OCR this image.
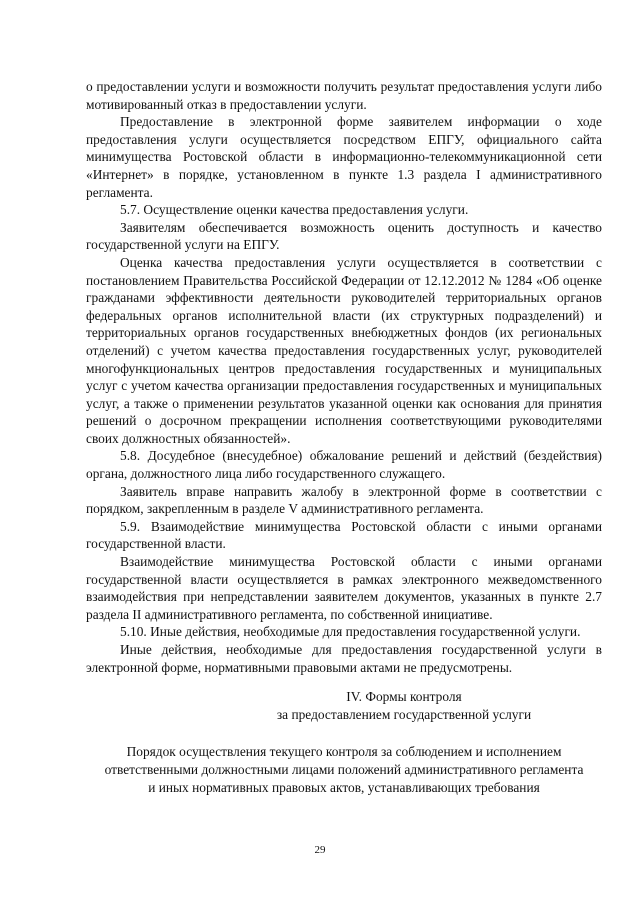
о предоставлении услуги и возможности получить результат предоставления услуги либо мотивированный отказ в предоставлении услуги.

Предоставление в электронной форме заявителем информации о ходе предоставления услуги осуществляется посредством ЕПГУ, официального сайта минимущества Ростовской области в информационно-телекоммуникационной сети «Интернет» в порядке, установленном в пункте 1.3 раздела I административного регламента.

5.7. Осуществление оценки качества предоставления услуги.

Заявителям обеспечивается возможность оценить доступность и качество государственной услуги на ЕПГУ.

Оценка качества предоставления услуги осуществляется в соответствии с постановлением Правительства Российской Федерации от 12.12.2012 № 1284 «Об оценке гражданами эффективности деятельности руководителей территориальных органов федеральных органов исполнительной власти (их структурных подразделений) и территориальных органов государственных внебюджетных фондов (их региональных отделений) с учетом качества предоставления государственных услуг, руководителей многофункциональных центров предоставления государственных и муниципальных услуг с учетом качества организации предоставления государственных и муниципальных услуг, а также о применении результатов указанной оценки как основания для принятия решений о досрочном прекращении исполнения соответствующими руководителями своих должностных обязанностей».

5.8. Досудебное (внесудебное) обжалование решений и действий (бездействия) органа, должностного лица либо государственного служащего.

Заявитель вправе направить жалобу в электронной форме в соответствии с порядком, закрепленным в разделе V административного регламента.

5.9. Взаимодействие минимущества Ростовской области с иными органами государственной власти.

Взаимодействие минимущества Ростовской области с иными органами государственной власти осуществляется в рамках электронного межведомственного взаимодействия при непредставлении заявителем документов, указанных в пункте 2.7 раздела II административного регламента, по собственной инициативе.

5.10. Иные действия, необходимые для предоставления государственной услуги.

Иные действия, необходимые для предоставления государственной услуги в электронной форме, нормативными правовыми актами не предусмотрены.

IV. Формы контроля

за предоставлением государственной услуги

Порядок осуществления текущего контроля за соблюдением и исполнением

ответственными должностными лицами положений административного регламента

и иных нормативных правовых актов, устанавливающих требования

29
